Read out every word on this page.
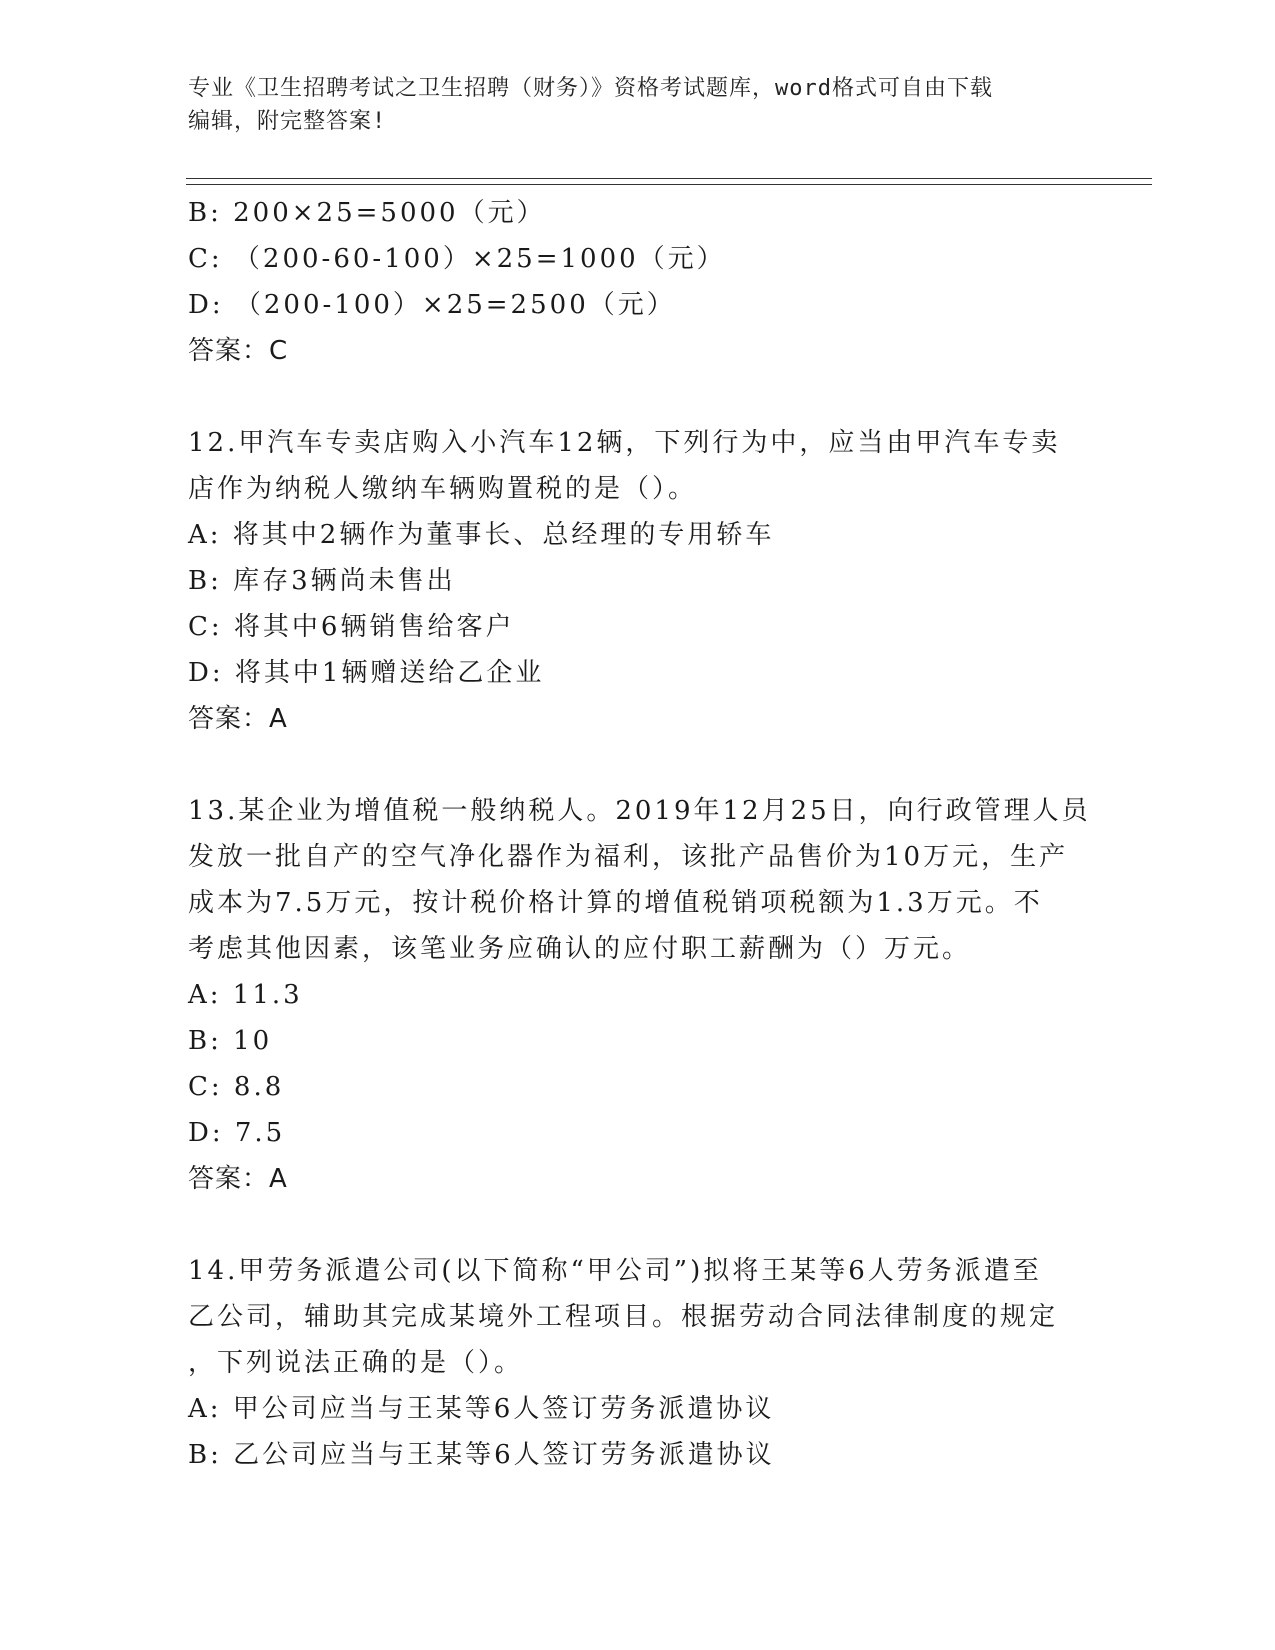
专业《卫生招聘考试之卫生招聘（财务）》资格考试题库，word格式可自由下载

编辑，附完整答案!

B: 200×25=5000（元）
C: （200-60-100）×25=1000（元）
D: （200-100）×25=2500（元）
答案：C
12.甲汽车专卖店购入小汽车12辆，下列行为中，应当由甲汽车专卖
店作为纳税人缴纳车辆购置税的是（）。
A: 将其中2辆作为董事长、总经理的专用轿车
B: 库存3辆尚未售出
C: 将其中6辆销售给客户
D: 将其中1辆赠送给乙企业
答案：A
13.某企业为增值税一般纳税人。2019年12月25日，向行政管理人员
发放一批自产的空气净化器作为福利，该批产品售价为10万元，生产
成本为7.5万元，按计税价格计算的增值税销项税额为1.3万元。不
考虑其他因素，该笔业务应确认的应付职工薪酬为（）万元。
A: 11.3
B: 10
C: 8.8
D: 7.5
答案：A
14.甲劳务派遣公司(以下简称“甲公司”)拟将王某等6人劳务派遣至
乙公司，辅助其完成某境外工程项目。根据劳动合同法律制度的规定
，下列说法正确的是（）。
A: 甲公司应当与王某等6人签订劳务派遣协议
B: 乙公司应当与王某等6人签订劳务派遣协议
